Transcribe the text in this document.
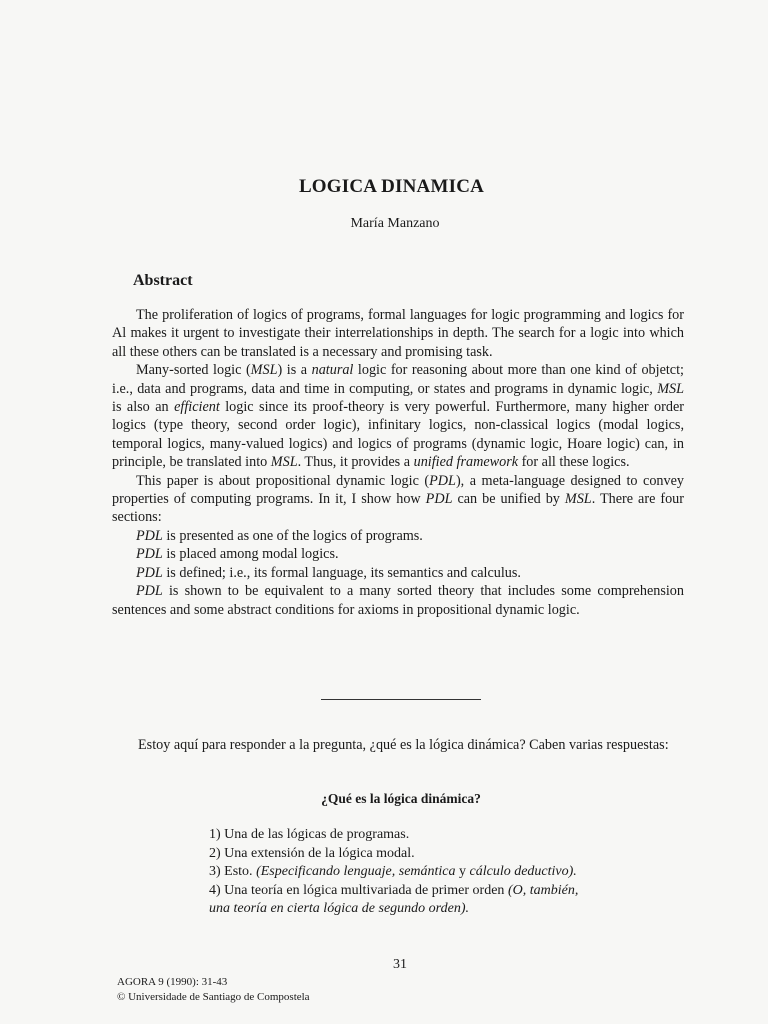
LOGICA DINAMICA
María Manzano
Abstract

The proliferation of logics of programs, formal languages for logic programming and logics for Al makes it urgent to investigate their interrelationships in depth. The search for a logic into which all these others can be translated is a necessary and promising task.

Many-sorted logic (MSL) is a natural logic for reasoning about more than one kind of objetct; i.e., data and programs, data and time in computing, or states and programs in dynamic logic, MSL is also an efficient logic since its proof-theory is very powerful. Furthermore, many higher order logics (type theory, second order logic), infinitary logics, non-classical logics (modal logics, temporal logics, many-valued logics) and logics of programs (dynamic logic, Hoare logic) can, in principle, be translated into MSL. Thus, it provides a unified framework for all these logics.

This paper is about propositional dynamic logic (PDL), a meta-language designed to convey properties of computing programs. In it, I show how PDL can be unified by MSL. There are four sections:

PDL is presented as one of the logics of programs.

PDL is placed among modal logics.

PDL is defined; i.e., its formal language, its semantics and calculus.

PDL is shown to be equivalent to a many sorted theory that includes some comprehension sentences and some abstract conditions for axioms in propositional dynamic logic.

Estoy aquí para responder a la pregunta, ¿qué es la lógica dinámica? Caben varias respuestas:
¿Qué es la lógica dinámica?
1) Una de las lógicas de programas.
2) Una extensión de la lógica modal.
3) Esto. (Especificando lenguaje, semántica y cálculo deductivo).
4) Una teoría en lógica multivariada de primer orden (O, también, una teoría en cierta lógica de segundo orden).
31
AGORA 9 (1990): 31-43
© Universidade de Santiago de Compostela
